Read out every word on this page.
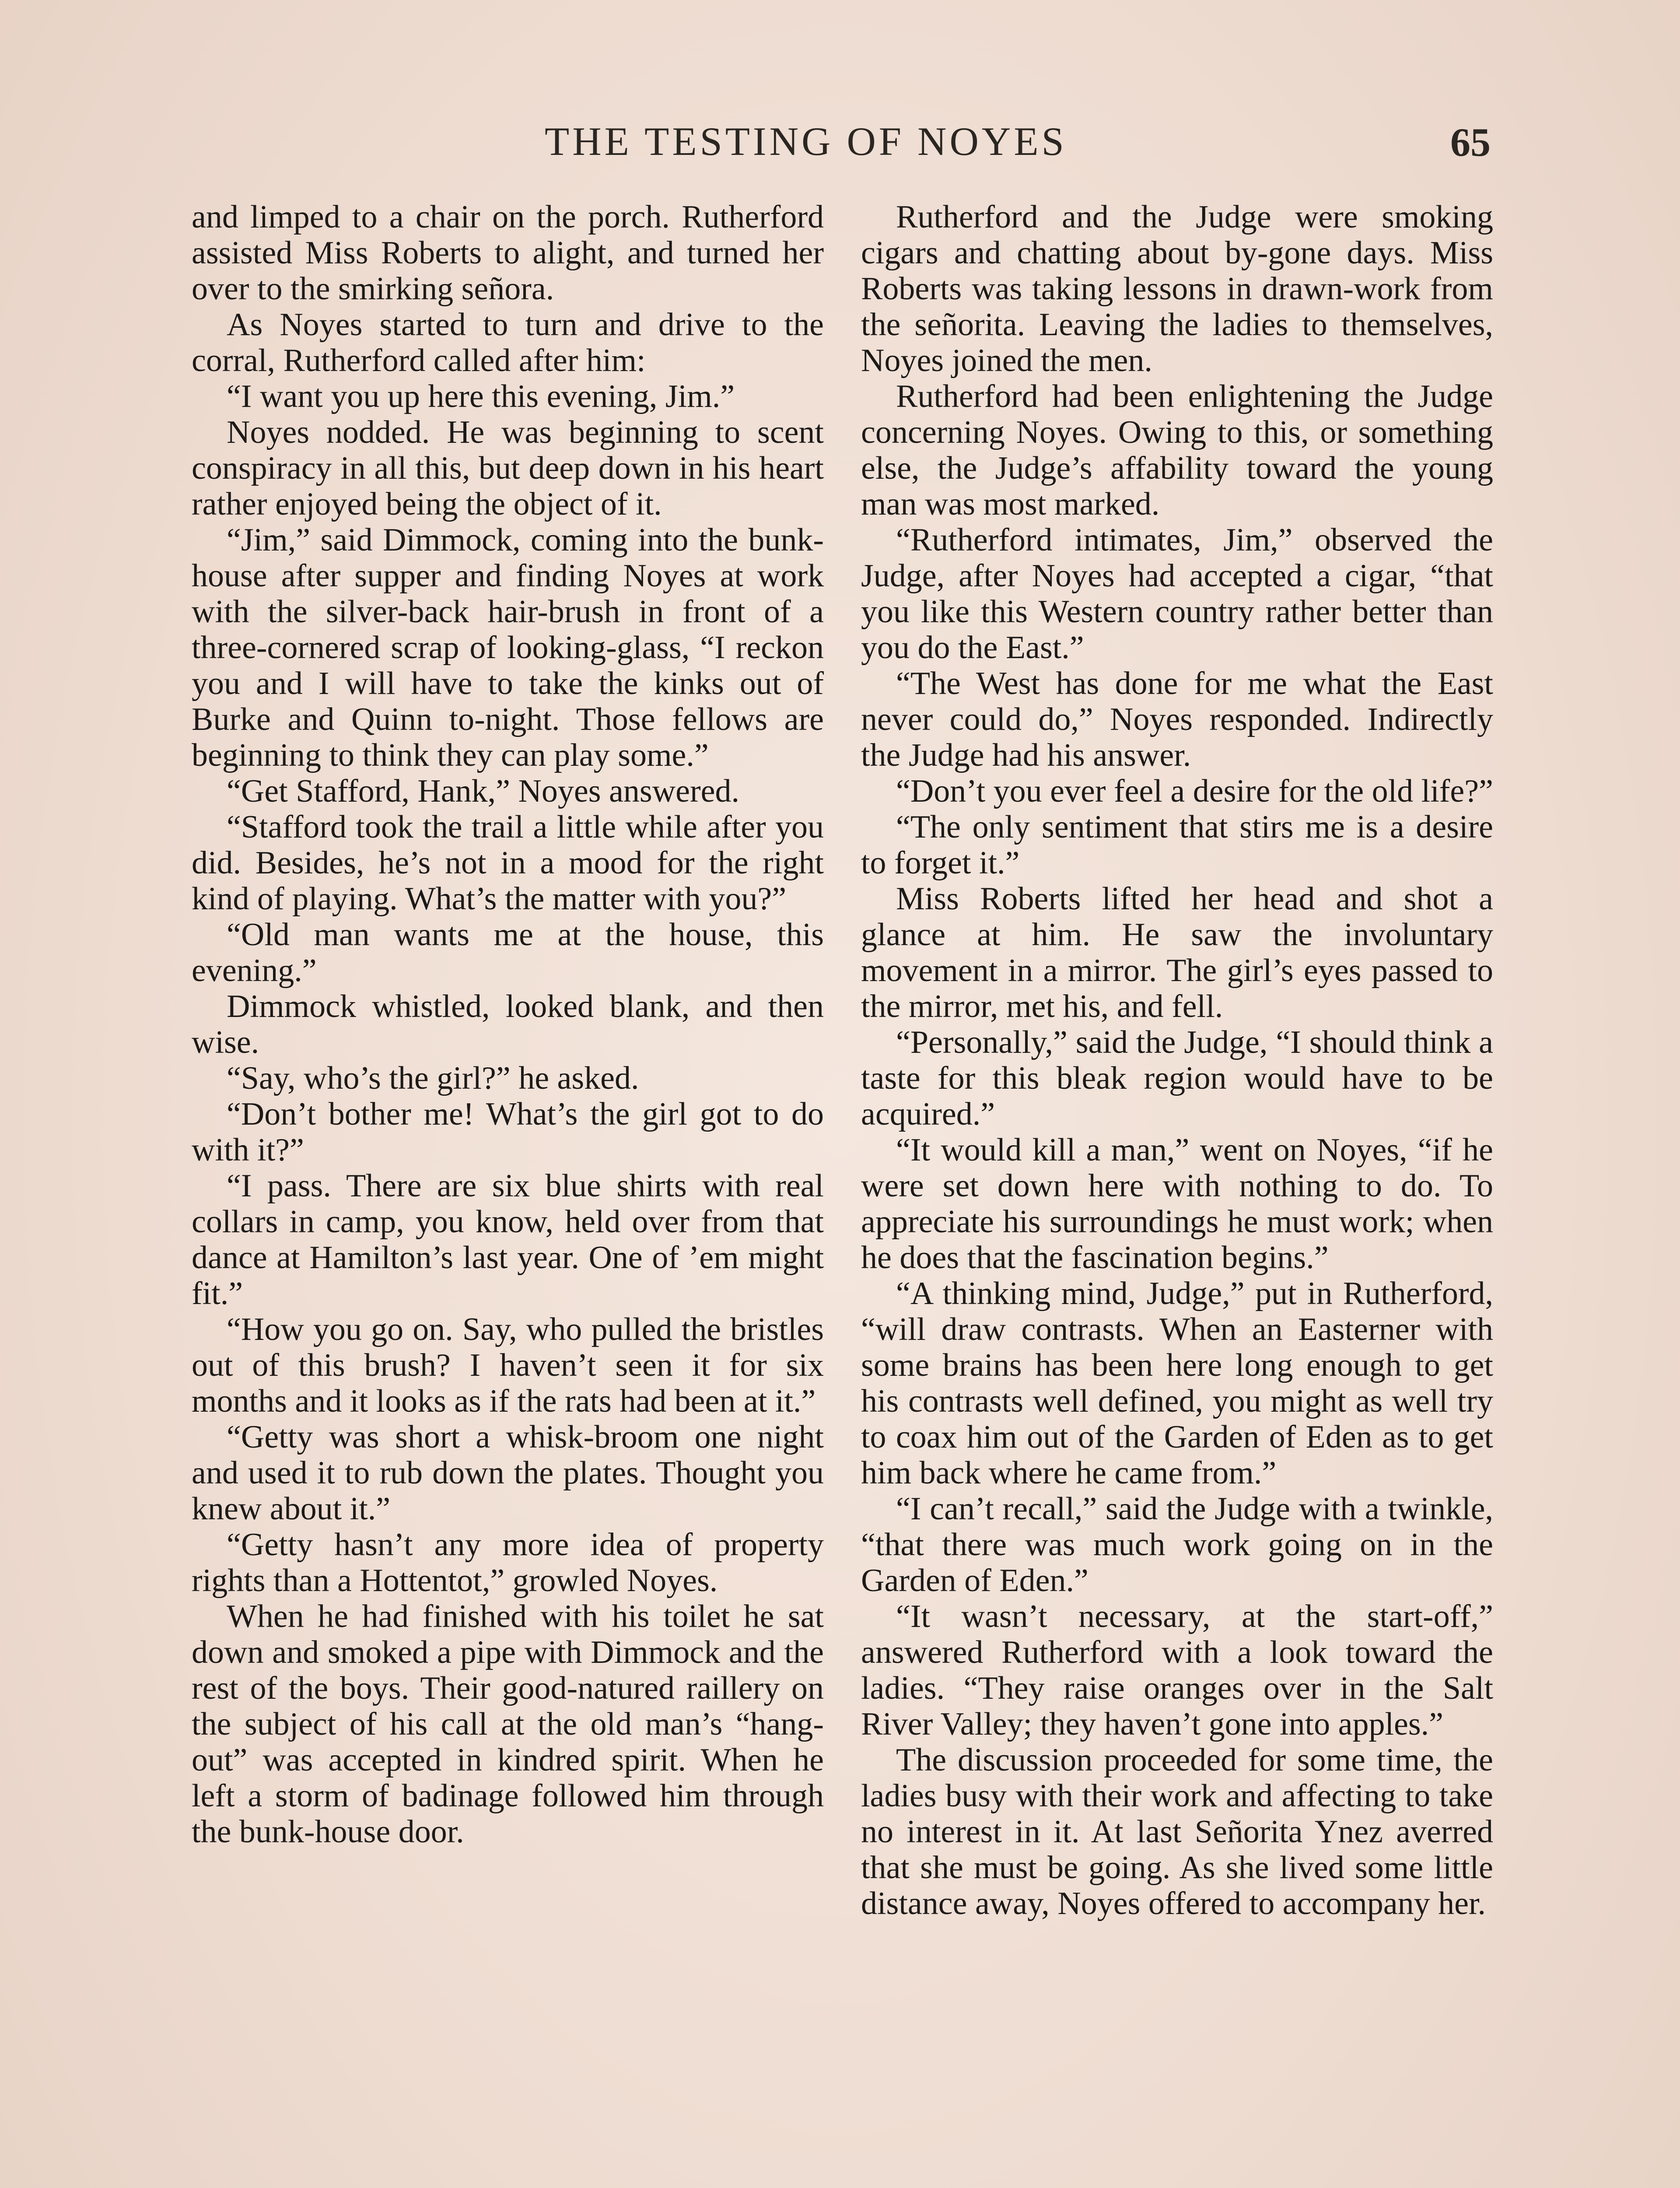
THE TESTING OF NOYES	65

and limped to a chair on the porch. Rutherford assisted Miss Roberts to alight, and turned her over to the smirking señora.

As Noyes started to turn and drive to the corral, Rutherford called after him:

“I want you up here this evening, Jim.”

Noyes nodded. He was beginning to scent conspiracy in all this, but deep down in his heart rather enjoyed being the object of it.

“Jim,” said Dimmock, coming into the bunk-house after supper and finding Noyes at work with the silver-back hair-brush in front of a three-cornered scrap of looking-glass, “I reckon you and I will have to take the kinks out of Burke and Quinn to-night. Those fellows are beginning to think they can play some.”

“Get Stafford, Hank,” Noyes answered.

“Stafford took the trail a little while after you did. Besides, he’s not in a mood for the right kind of playing. What’s the matter with you?”

“Old man wants me at the house, this evening.”

Dimmock whistled, looked blank, and then wise.

“Say, who’s the girl?” he asked.

“Don’t bother me! What’s the girl got to do with it?”

“I pass. There are six blue shirts with real collars in camp, you know, held over from that dance at Hamilton’s last year. One of ’em might fit.”

“How you go on. Say, who pulled the bristles out of this brush? I haven’t seen it for six months and it looks as if the rats had been at it.”

“Getty was short a whisk-broom one night and used it to rub down the plates. Thought you knew about it.”

“Getty hasn’t any more idea of property rights than a Hottentot,” growled Noyes.

When he had finished with his toilet he sat down and smoked a pipe with Dimmock and the rest of the boys. Their good-natured raillery on the subject of his call at the old man’s “hang-out” was accepted in kindred spirit. When he left a storm of badinage followed him through the bunk-house door.

Rutherford and the Judge were smoking cigars and chatting about by-gone days. Miss Roberts was taking lessons in drawn-work from the señorita. Leaving the ladies to themselves, Noyes joined the men.

Rutherford had been enlightening the Judge concerning Noyes. Owing to this, or something else, the Judge’s affability toward the young man was most marked.

“Rutherford intimates, Jim,” observed the Judge, after Noyes had accepted a cigar, “that you like this Western country rather better than you do the East.”

“The West has done for me what the East never could do,” Noyes responded. Indirectly the Judge had his answer.

“Don’t you ever feel a desire for the old life?”

“The only sentiment that stirs me is a desire to forget it.”

Miss Roberts lifted her head and shot a glance at him. He saw the involuntary movement in a mirror. The girl’s eyes passed to the mirror, met his, and fell.

“Personally,” said the Judge, “I should think a taste for this bleak region would have to be acquired.”

“It would kill a man,” went on Noyes, “if he were set down here with nothing to do. To appreciate his surroundings he must work; when he does that the fascination begins.”

“A thinking mind, Judge,” put in Rutherford, “will draw contrasts. When an Easterner with some brains has been here long enough to get his contrasts well defined, you might as well try to coax him out of the Garden of Eden as to get him back where he came from.”

“I can’t recall,” said the Judge with a twinkle, “that there was much work going on in the Garden of Eden.”

“It wasn’t necessary, at the start-off,” answered Rutherford with a look toward the ladies. “They raise oranges over in the Salt River Valley; they haven’t gone into apples.”

The discussion proceeded for some time, the ladies busy with their work and affecting to take no interest in it. At last Señorita Ynez averred that she must be going. As she lived some little distance away, Noyes offered to accompany her.
